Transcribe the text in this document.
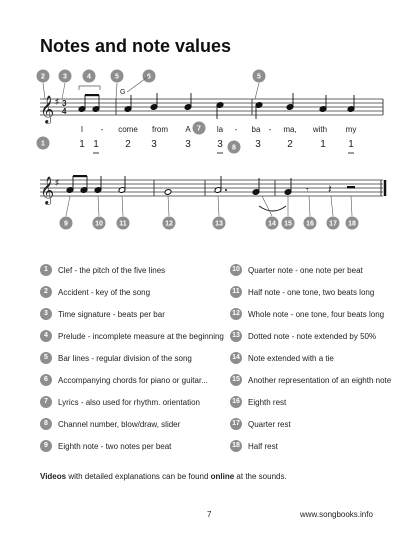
Notes and note values
𝄞 ♯ 3
4
G
I - come from A	la - ba - ma, with my
1 1	2 3	3	3	3	2	1 1
𝄞 ♯
𝄾 𝄽
1
2	3	4	5	6
7
8
9	10 11	12	13	14 15 16 17 18
5
1	Clef - the pitch of the five lines
2	Accident - key of the song
3	Time signature - beats per bar
4	Prelude - incomplete measure at the beginning
5	Bar lines - regular division of the song
6	Accompanying chords for piano or guitar...
7	Lyrics - also used for rhythm. orientation
8	Channel number, blow/draw, slider
9	Eighth note - two notes per beat
10 Quarter note - one note per beat
11 Half note - one tone, two beats long
12 Whole note - one tone, four beats long
13 Dotted note - note extended by 50%
14 Note extended with a tie
15 Another representation of an eighth note
16 Eighth rest
17 Quarter rest
18 Half rest
Videos with detailed explanations can be found online at the sounds.
7	www.songbooks.info
